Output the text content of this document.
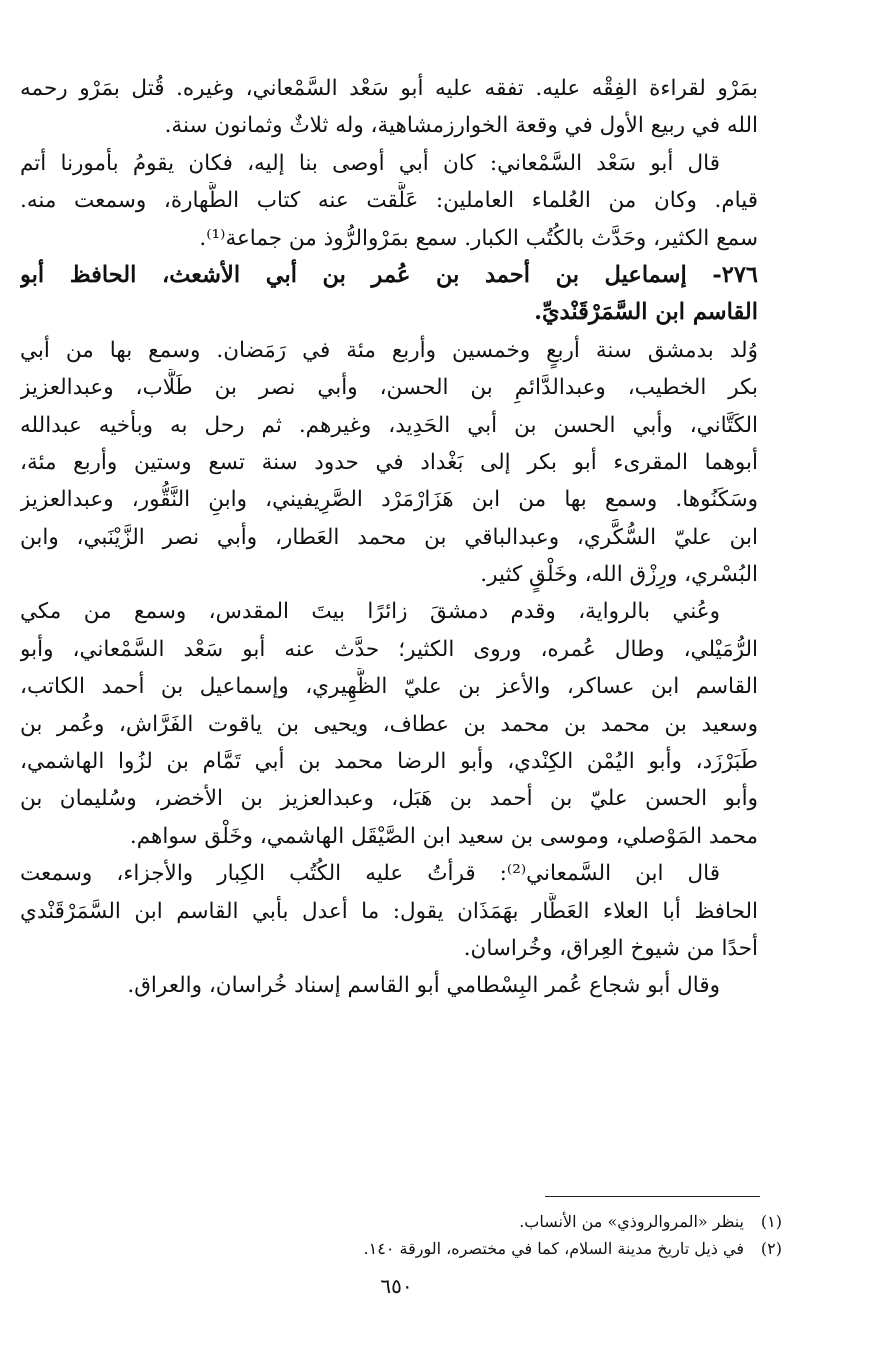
بمَرْو لقراءة الفِقْه عليه. تفقه عليه أبو سَعْد السَّمْعاني، وغيره. قُتل بمَرْو رحمه
الله في ربيع الأول في وقعة الخوارزمشاهية، وله ثلاثٌ وثمانون سنة.
قال أبو سَعْد السَّمْعاني: كان أبي أوصى بنا إليه، فكان يقومُ بأمورنا أتم
قيام. وكان من العُلماء العاملين: عَلَّقت عنه كتاب الطَّهارة، وسمعت منه.
سمع الكثير، وحَدَّث بالكُتُب الكبار. سمع بمَرْوالرُّوذ من جماعة⁽¹⁾.
٢٧٦- إسماعيل بن أحمد بن عُمر بن أبي الأشعث، الحافظ أبو
القاسم ابن السَّمَرْقَنْديِّ.
وُلد بدمشق سنة أربعٍ وخمسين وأربع مئة في رَمَضان. وسمع بها من أبي
بكر الخطيب، وعبدالدَّائمِ بن الحسن، وأبي نصر بن طَلَّاب، وعبدالعزيز
الكَتَّاني، وأبي الحسن بن أبي الحَدِيد، وغيرهم. ثم رحل به وبأخيه عبدالله
أبوهما المقرىء أبو بكر إلى بَغْداد في حدود سنة تسع وستين وأربع مئة،
وسَكَنُوها. وسمع بها من ابن هَزَارْمَرْد الصَّرِيفيني، وابنِ النَّقُّور، وعبدالعزيز
ابن عليّ السُّكَّري، وعبدالباقي بن محمد العَطار، وأبي نصر الزَّيْنَبي، وابن
البُسْري، ورِزْق الله، وخَلْقٍ كثير.
وعُني بالرواية، وقدم دمشقَ زائرًا بيتَ المقدس، وسمع من مكي
الرُّمَيْلي، وطال عُمره، وروى الكثير؛ حدَّث عنه أبو سَعْد السَّمْعاني، وأبو
القاسم ابن عساكر، والأعز بن عليّ الظَّهِيري، وإسماعيل بن أحمد الكاتب،
وسعيد بن محمد بن محمد بن عطاف، ويحيى بن ياقوت الفَرَّاش، وعُمر بن
طَبَرْزَد، وأبو اليُمْن الكِنْدي، وأبو الرضا محمد بن أبي تَمَّام بن لزُوا الهاشمي،
وأبو الحسن عليّ بن أحمد بن هَبَل، وعبدالعزيز بن الأخضر، وسُليمان بن
محمد المَوْصلي، وموسى بن سعيد ابن الصَّيْقَل الهاشمي، وخَلْق سواهم.
قال ابن السَّمعاني⁽²⁾: قرأتُ عليه الكُتُب الكِبار والأجزاء، وسمعت
الحافظ أبا العلاء العَطَّار بهَمَذَان يقول: ما أعدل بأبي القاسم ابن السَّمَرْقَنْدي
أحدًا من شيوخ العِراق، وخُراسان.
وقال أبو شجاع عُمر البِسْطامي أبو القاسم إسناد خُراسان، والعراق.
(١)ينظر «المروالروذي» من الأنساب.
(٢)في ذيل تاريخ مدينة السلام، كما في مختصره، الورقة ١٤٠.
٦٥٠
